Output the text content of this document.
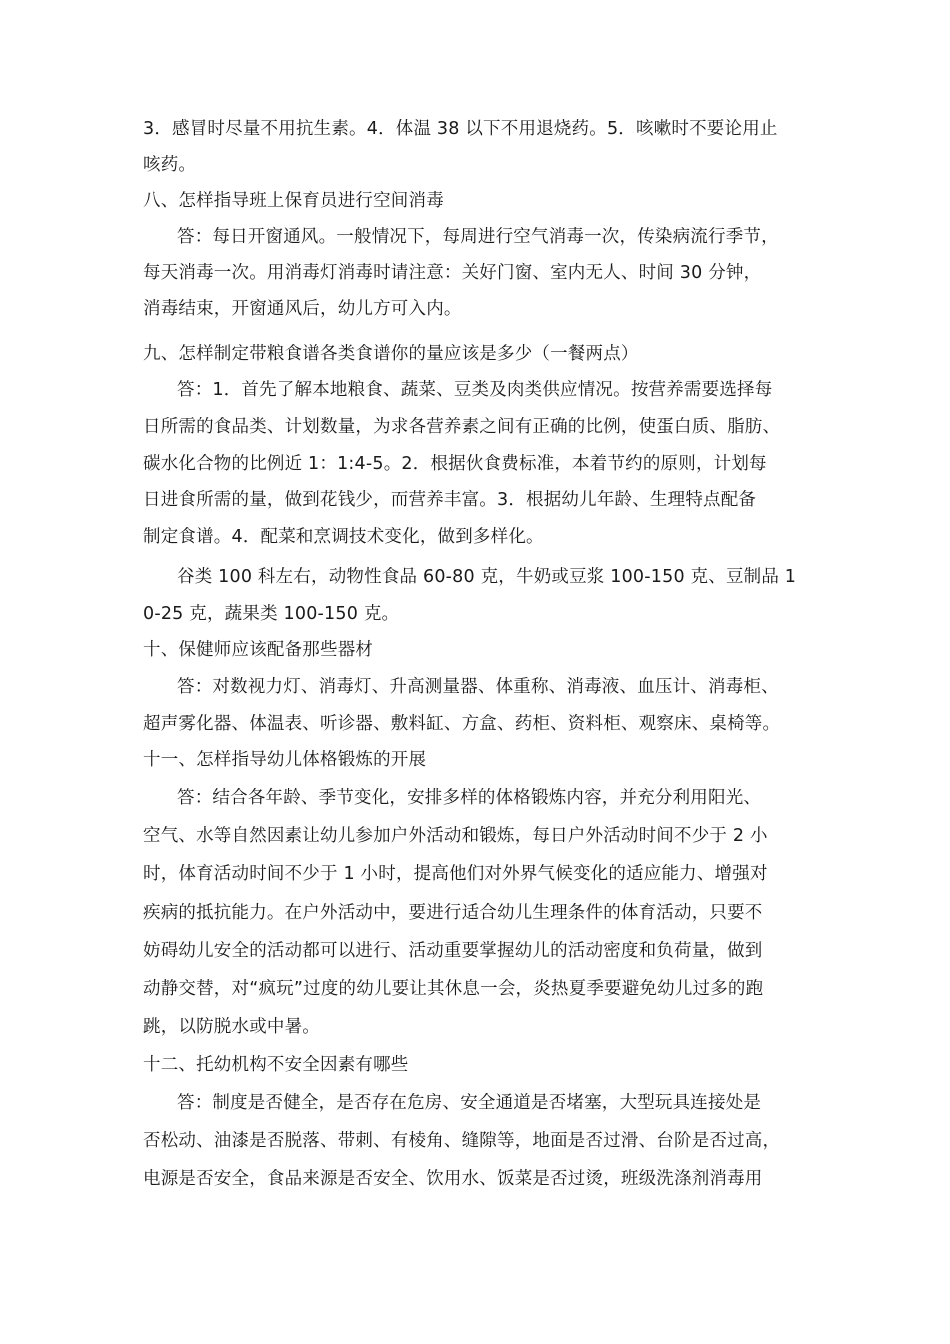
3．感冒时尽量不用抗生素。4．体温 38 以下不用退烧药。5．咳嗽时不要论用止

咳药。

八、怎样指导班上保育员进行空间消毒

答：每日开窗通风。一般情况下，每周进行空气消毒一次，传染病流行季节，

每天消毒一次。用消毒灯消毒时请注意：关好门窗、室内无人、时间 30 分钟，

消毒结束，开窗通风后，幼儿方可入内。

九、怎样制定带粮食谱各类食谱你的量应该是多少（一餐两点）

答：1．首先了解本地粮食、蔬菜、豆类及肉类供应情况。按营养需要选择每

日所需的食品类、计划数量，为求各营养素之间有正确的比例，使蛋白质、脂肪、

碳水化合物的比例近 1：1:4-5。2．根据伙食费标准，本着节约的原则，计划每

日进食所需的量，做到花钱少，而营养丰富。3．根据幼儿年龄、生理特点配备

制定食谱。4．配菜和烹调技术变化，做到多样化。

谷类 100 科左右，动物性食品 60-80 克，牛奶或豆浆 100-150 克、豆制品 1

0-25 克，蔬果类 100-150 克。

十、保健师应该配备那些器材

答：对数视力灯、消毒灯、升高测量器、体重称、消毒液、血压计、消毒柜、

超声雾化器、体温表、听诊器、敷料缸、方盒、药柜、资料柜、观察床、桌椅等。

十一、怎样指导幼儿体格锻炼的开展

答：结合各年龄、季节变化，安排多样的体格锻炼内容，并充分利用阳光、

空气、水等自然因素让幼儿参加户外活动和锻炼，每日户外活动时间不少于 2 小

时，体育活动时间不少于 1 小时，提高他们对外界气候变化的适应能力、增强对

疾病的抵抗能力。在户外活动中，要进行适合幼儿生理条件的体育活动，只要不

妨碍幼儿安全的活动都可以进行、活动重要掌握幼儿的活动密度和负荷量，做到

动静交替，对“疯玩”过度的幼儿要让其休息一会，炎热夏季要避免幼儿过多的跑

跳，以防脱水或中暑。

十二、托幼机构不安全因素有哪些

答：制度是否健全，是否存在危房、安全通道是否堵塞，大型玩具连接处是

否松动、油漆是否脱落、带刺、有棱角、缝隙等，地面是否过滑、台阶是否过高，

电源是否安全，食品来源是否安全、饮用水、饭菜是否过烫，班级洗涤剂消毒用
